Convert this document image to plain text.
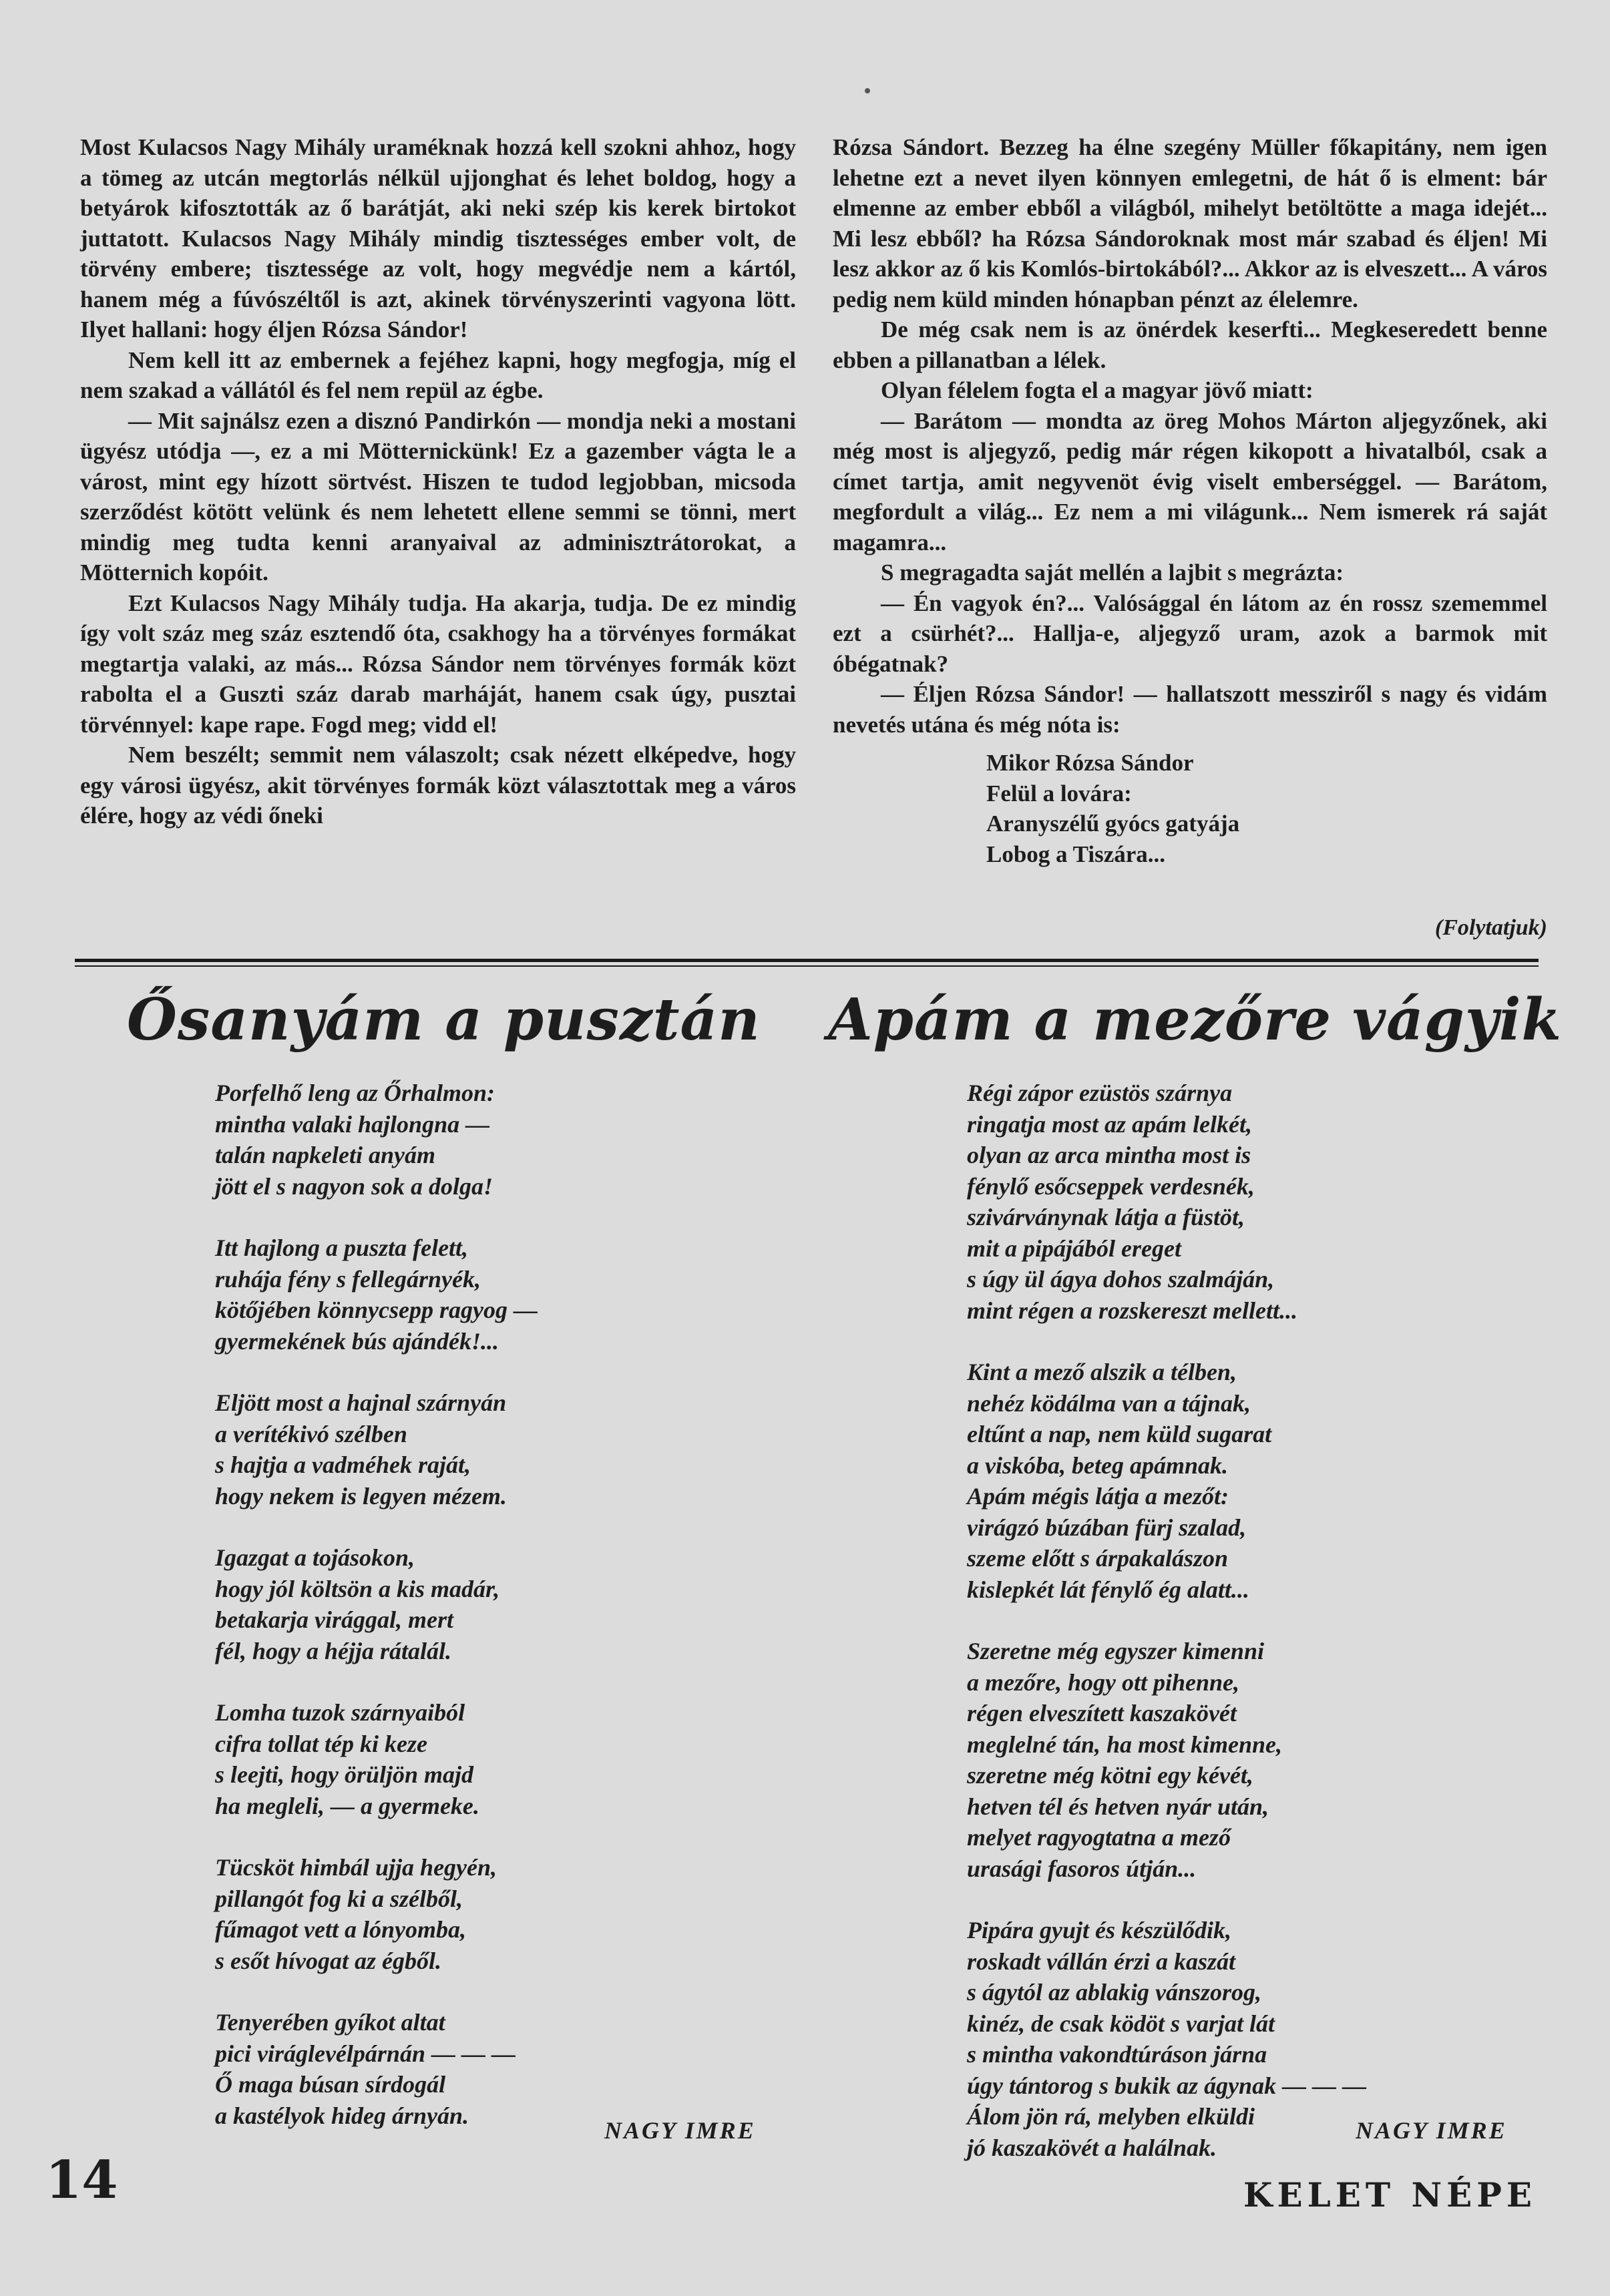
Most Kulacsos Nagy Mihály uraméknak hozzá kell szokni ahhoz, hogy a tömeg az utcán megtorlás nélkül ujjonghat és lehet boldog, hogy a betyárok kifosztották az ő barátját, aki neki szép kis kerek birtokot juttatott. Kulacsos Nagy Mihály mindig tisztességes ember volt, de törvény embere; tisztessége az volt, hogy megvédje nem a kártól, hanem még a fúvószéltől is azt, akinek törvényszerinti vagyona lött. Ilyet hallani: hogy éljen Rózsa Sándor!

Nem kell itt az embernek a fejéhez kapni, hogy megfogja, míg el nem szakad a vállától és fel nem repül az égbe.

— Mit sajnálsz ezen a disznó Pandirkón — mondja neki a mostani ügyész utódja —, ez a mi Mötternickünk! Ez a gazember vágta le a várost, mint egy hízott sörtvést. Hiszen te tudod legjobban, micsoda szerződést kötött velünk és nem lehetett ellene semmi se tönni, mert mindig meg tudta kenni aranyaival az adminisztrátorokat, a Mötternich kopóit.

Ezt Kulacsos Nagy Mihály tudja. Ha akarja, tudja. De ez mindig így volt száz meg száz esztendő óta, csakhogy ha a törvényes formákat megtartja valaki, az más... Rózsa Sándor nem törvényes formák közt rabolta el a Guszti száz darab marháját, hanem csak úgy, pusztai törvénnyel: kape rape. Fogd meg; vidd el!

Nem beszélt; semmit nem válaszolt; csak nézett elképedve, hogy egy városi ügyész, akit törvényes formák közt választottak meg a város élére, hogy az védi őneki

Rózsa Sándort. Bezzeg ha élne szegény Müller főkapitány, nem igen lehetne ezt a nevet ilyen könnyen emlegetni, de hát ő is elment: bár elmenne az ember ebből a világból, mihelyt betöltötte a maga idejét... Mi lesz ebből? ha Rózsa Sándoroknak most már szabad és éljen! Mi lesz akkor az ő kis Komlós-birtokából?... Akkor az is elveszett... A város pedig nem küld minden hónapban pénzt az élelemre.

De még csak nem is az önérdek keserfti... Megkeseredett benne ebben a pillanatban a lélek.

Olyan félelem fogta el a magyar jövő miatt:

— Barátom — mondta az öreg Mohos Márton aljegyzőnek, aki még most is aljegyző, pedig már régen kikopott a hivatalból, csak a címet tartja, amit negyvenöt évig viselt emberséggel. — Barátom, megfordult a világ... Ez nem a mi világunk... Nem ismerek rá saját magamra...

S megragadta saját mellén a lajbit s megrázta:

— Én vagyok én?... Valósággal én látom az én rossz szememmel ezt a csürhét?... Hallja-e, aljegyző uram, azok a barmok mit óbégatnak?

— Éljen Rózsa Sándor! — hallatszott messziről s nagy és vidám nevetés utána és még nóta is:

Mikor Rózsa Sándor
Felül a lovára:
Aranyszélű gyócs gatyája
Lobog a Tiszára...
(Folytatjuk)
Ősanyám a pusztán Apám a mezőre vágyik
Porfelhő leng az Őrhalmon:
mintha valaki hajlongna —
talán napkeleti anyám
jött el s nagyon sok a dolga!
Itt hajlong a puszta felett,
ruhája fény s fellegárnyék,
kötőjében könnycsepp ragyog —
gyermekének bús ajándék!...
Eljött most a hajnal szárnyán
a verítékivó szélben
s hajtja a vadméhek raját,
hogy nekem is legyen mézem.
Igazgat a tojásokon,
hogy jól költsön a kis madár,
betakarja virággal, mert
fél, hogy a héjja rátalál.
Lomha tuzok szárnyaiból
cifra tollat tép ki keze
s leejti, hogy örüljön majd
ha megleli, — a gyermeke.
Tücsköt himbál ujja hegyén,
pillangót fog ki a szélből,
fűmagot vett a lónyomba,
s esőt hívogat az égből.
Tenyerében gyíkot altat
pici viráglevélpárnán — — —
Ő maga búsan sírdogál
a kastélyok hideg árnyán.
Régi zápor ezüstös szárnya
ringatja most az apám lelkét,
olyan az arca mintha most is
fénylő esőcseppek verdesnék,
szivárványnak látja a füstöt,
mit a pipájából ereget
s úgy ül ágya dohos szalmáján,
mint régen a rozskereszt mellett...
Kint a mező alszik a télben,
nehéz ködálma van a tájnak,
eltűnt a nap, nem küld sugarat
a viskóba, beteg apámnak.
Apám mégis látja a mezőt:
virágzó búzában fürj szalad,
szeme előtt s árpakalászon
kislepkét lát fénylő ég alatt...
Szeretne még egyszer kimenni
a mezőre, hogy ott pihenne,
régen elveszített kaszakövét
meglelné tán, ha most kimenne,
szeretne még kötni egy kévét,
hetven tél és hetven nyár után,
melyet ragyogtatna a mező
urasági fasoros útján...
Pipára gyujt és készülődik,
roskadt vállán érzi a kaszát
s ágytól az ablakig vánszorog,
kinéz, de csak ködöt s varjat lát
s mintha vakondtúráson járna
úgy tántorog s bukik az ágynak — — —
Álom jön rá, melyben elküldi
jó kaszakövét a halálnak.
NAGY IMRE	NAGY IMRE
14	KELET NÉPE
